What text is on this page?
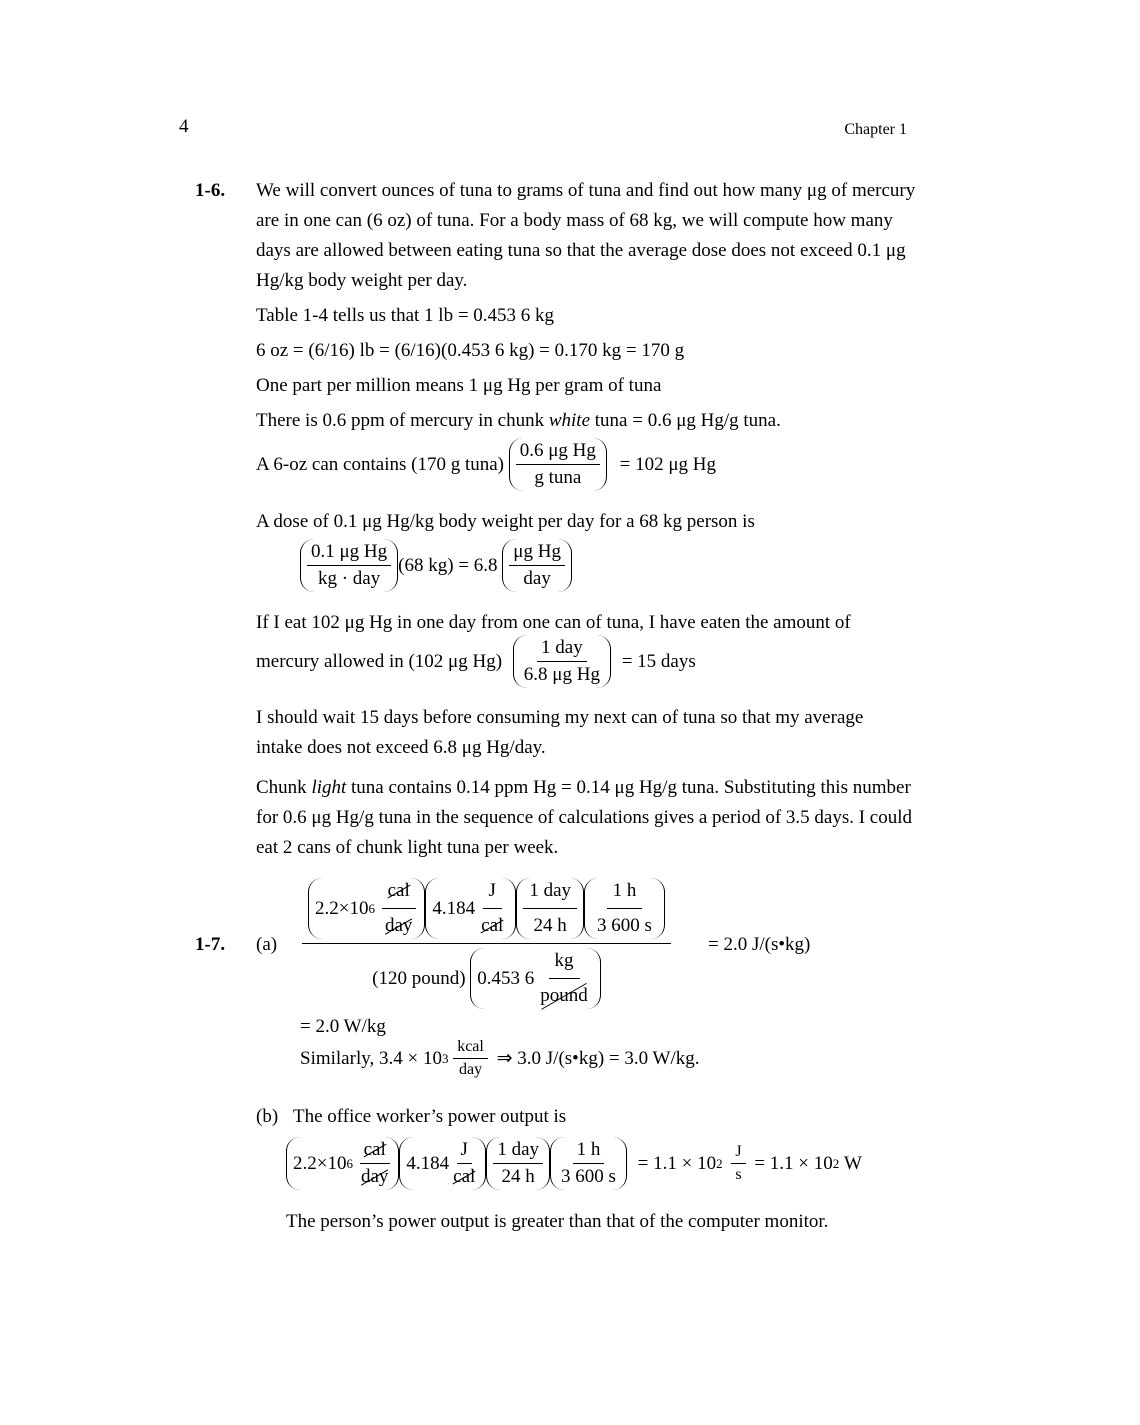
4	Chapter 1
1-6. We will convert ounces of tuna to grams of tuna and find out how many μg of mercury are in one can (6 oz) of tuna. For a body mass of 68 kg, we will compute how many days are allowed between eating tuna so that the average dose does not exceed 0.1 μg Hg/kg body weight per day.
Table 1-4 tells us that 1 lb = 0.453 6 kg
6 oz = (6/16) lb = (6/16)(0.453 6 kg) = 0.170 kg = 170 g
One part per million means 1 μg Hg per gram of tuna
There is 0.6 ppm of mercury in chunk white tuna = 0.6 μg Hg/g tuna.
A 6-oz can contains (170 g tuna) $\frac{\text{0.6 μg Hg}}{\text{g tuna}} = 102$ μg Hg
A dose of 0.1 μg Hg/kg body weight per day for a 68 kg person is
$\frac{\text{0.1 μg Hg}}{\text{kg · day}} (68$ $kg) = 6.8 \frac{\text{μg Hg}}{\text{day}}$
If I eat 102 μg Hg in one day from one can of tuna, I have eaten the amount of
mercury allowed in (102 μg $Hg) \frac{\text{1 day}}{\text{6.8 μg Hg}} = 15$ days
I should wait 15 days before consuming my next can of tuna so that my average intake does not exceed 6.8 μg Hg/day.
Chunk light tuna contains 0.14 ppm Hg = 0.14 μg Hg/g tuna. Substituting this number for 0.6 μg Hg/g tuna in the sequence of calculations gives a period of 3.5 days. I could eat 2 cans of chunk light tuna per week.
1-7. (a)
2.2×10 $6 \frac{\text{cal}}{\text{day}} 4.184 \frac{J}{\text{cal}} \frac{\text{1 day}}{24 h} \frac{1 h}{3 600 s}$
(120 pound) 0.453 $6 \frac{kg}{\text{pound}}$
= 2.0 J/(s•kg)
= 2.0 W/kg
Similarly, 3.4 × 10 3
$\frac{\text{kcal}}{\text{day}}$ ⇒ 3.0 J/(s•kg) = 3.0 W/kg.
(b) The office worker’s power output is
2.2×10 $6 \frac{\text{cal}}{\text{day}} 4.184 \frac{J}{\text{cal}} \frac{\text{1 day}}{24 h} \frac{1 h}{3 600 s}$
= 1.1 × 10 2
$\frac{J}{s}$
= 1.1 × 10 2
W
The person’s power output is greater than that of the computer monitor.
